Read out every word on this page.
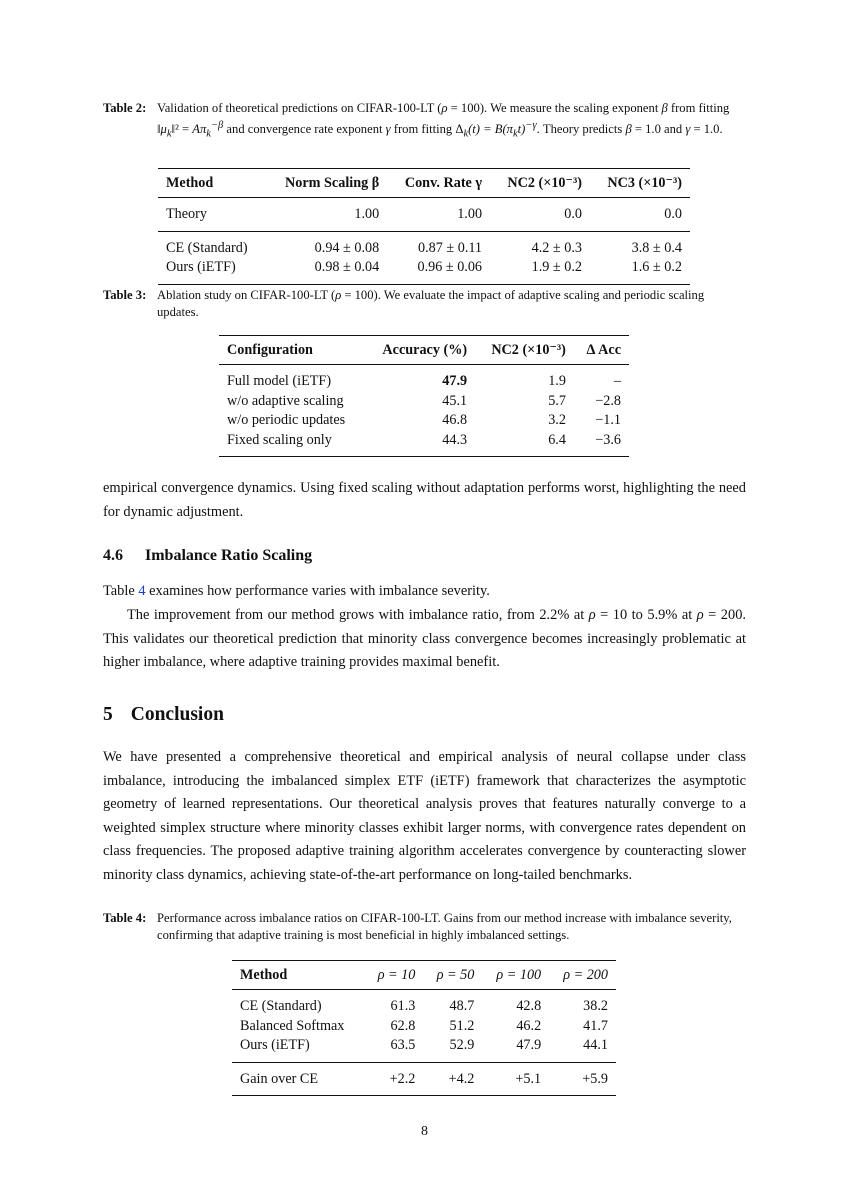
Table 2: Validation of theoretical predictions on CIFAR-100-LT (ρ = 100). We measure the scaling exponent β from fitting $‖\mu_k‖^2 = A\pi_k^{-\beta}$ and convergence rate exponent γ from fitting $\Delta_k(t) = B(\pi_kt)^{-\gamma}$. Theory predicts β = 1.0 and γ = 1.0.
Method	Norm Scaling β	Conv. Rate γ	NC2 (×10⁻³)	NC3 (×10⁻³)
Theory	1.00	1.00	0.0	0.0
CE (Standard)	0.94 ± 0.08	0.87 ± 0.11	4.2 ± 0.3	3.8 ± 0.4
Ours (iETF)	0.98 ± 0.04	0.96 ± 0.06	1.9 ± 0.2	1.6 ± 0.2
Table 3: Ablation study on CIFAR-100-LT (ρ = 100). We evaluate the impact of adaptive scaling and periodic scaling updates.
Configuration	Accuracy (%)	NC2 (×10⁻³)	Δ Acc
Full model (iETF)	47.9	1.9	–
w/o adaptive scaling	45.1	5.7	−2.8
w/o periodic updates	46.8	3.2	−1.1
Fixed scaling only	44.3	6.4	−3.6
empirical convergence dynamics. Using fixed scaling without adaptation performs worst, highlighting the need for dynamic adjustment.
4.6 Imbalance Ratio Scaling
Table 4 examines how performance varies with imbalance severity.
The improvement from our method grows with imbalance ratio, from 2.2% at ρ = 10 to 5.9% at ρ = 200. This validates our theoretical prediction that minority class convergence becomes increasingly problematic at higher imbalance, where adaptive training provides maximal benefit.
5 Conclusion
We have presented a comprehensive theoretical and empirical analysis of neural collapse under class imbalance, introducing the imbalanced simplex ETF (iETF) framework that characterizes the asymptotic geometry of learned representations. Our theoretical analysis proves that features naturally converge to a weighted simplex structure where minority classes exhibit larger norms, with convergence rates dependent on class frequencies. The proposed adaptive training algorithm accelerates convergence by counteracting slower minority class dynamics, achieving state-of-the-art performance on long-tailed benchmarks.
Table 4: Performance across imbalance ratios on CIFAR-100-LT. Gains from our method increase with imbalance severity, confirming that adaptive training is most beneficial in highly imbalanced settings.
Method	ρ = 10	ρ = 50	ρ = 100	ρ = 200
CE (Standard)	61.3	48.7	42.8	38.2
Balanced Softmax	62.8	51.2	46.2	41.7
Ours (iETF)	63.5	52.9	47.9	44.1
Gain over CE	+2.2	+4.2	+5.1	+5.9
8
